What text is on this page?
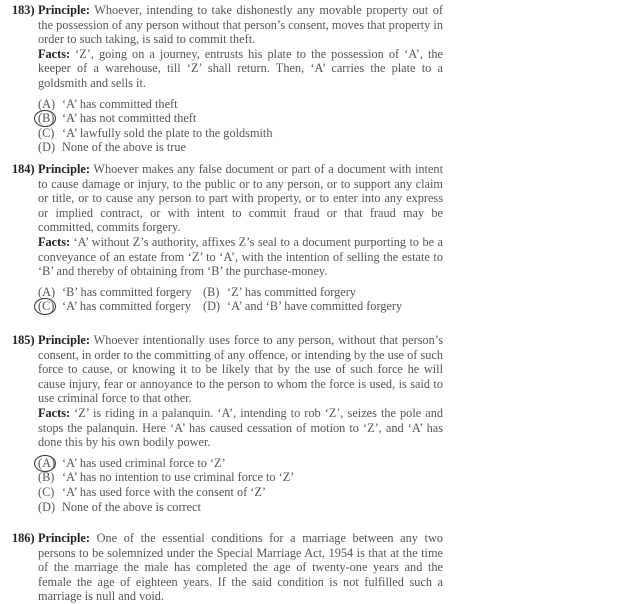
183) Principle: Whoever, intending to take dishonestly any movable property out of the possession of any person without that person’s consent, moves that property in order to such taking, is said to commit theft.

Facts: ‘Z’, going on a journey, entrusts his plate to the possession of ‘A’, the keeper of a warehouse, till ‘Z’ shall return. Then, ‘A’ carries the plate to a goldsmith and sells it.

(A) ‘A’ has committed theft
(B) ‘A’ has not committed theft
(C) ‘A’ lawfully sold the plate to the goldsmith
(D) None of the above is true

184) Principle: Whoever makes any false document or part of a document with intent to cause damage or injury, to the public or to any person, or to support any claim or title, or to cause any person to part with property, or to enter into any express or implied contract, or with intent to commit fraud or that fraud may be committed, commits forgery.

Facts: ‘A’ without Z’s authority, affixes Z’s seal to a document purporting to be a conveyance of an estate from ‘Z’ to ‘A’, with the intention of selling the estate to ‘B’ and thereby of obtaining from ‘B’ the purchase-money.

(A) ‘B’ has committed forgery (B) ‘Z’ has committed forgery
(C) ‘A’ has committed forgery (D) ‘A’ and ‘B’ have committed forgery

185) Principle: Whoever intentionally uses force to any person, without that person’s consent, in order to the committing of any offence, or intending by the use of such force to cause, or knowing it to be likely that by the use of such force he will cause injury, fear or annoyance to the person to whom the force is used, is said to use criminal force to that other.

Facts: ‘Z’ is riding in a palanquin. ‘A’, intending to rob ‘Z’, seizes the pole and stops the palanquin. Here ‘A’ has caused cessation of motion to ‘Z’, and ‘A’ has done this by his own bodily power.

(A) ‘A’ has used criminal force to ‘Z’
(B) ‘A’ has no intention to use criminal force to ‘Z’
(C) ‘A’ has used force with the consent of ‘Z’
(D) None of the above is correct

186) Principle: One of the essential conditions for a marriage between any two persons to be solemnized under the Special Marriage Act, 1954 is that at the time of the marriage the male has completed the age of twenty-one years and the female the age of eighteen years. If the said condition is not fulfilled such a marriage is null and void.
